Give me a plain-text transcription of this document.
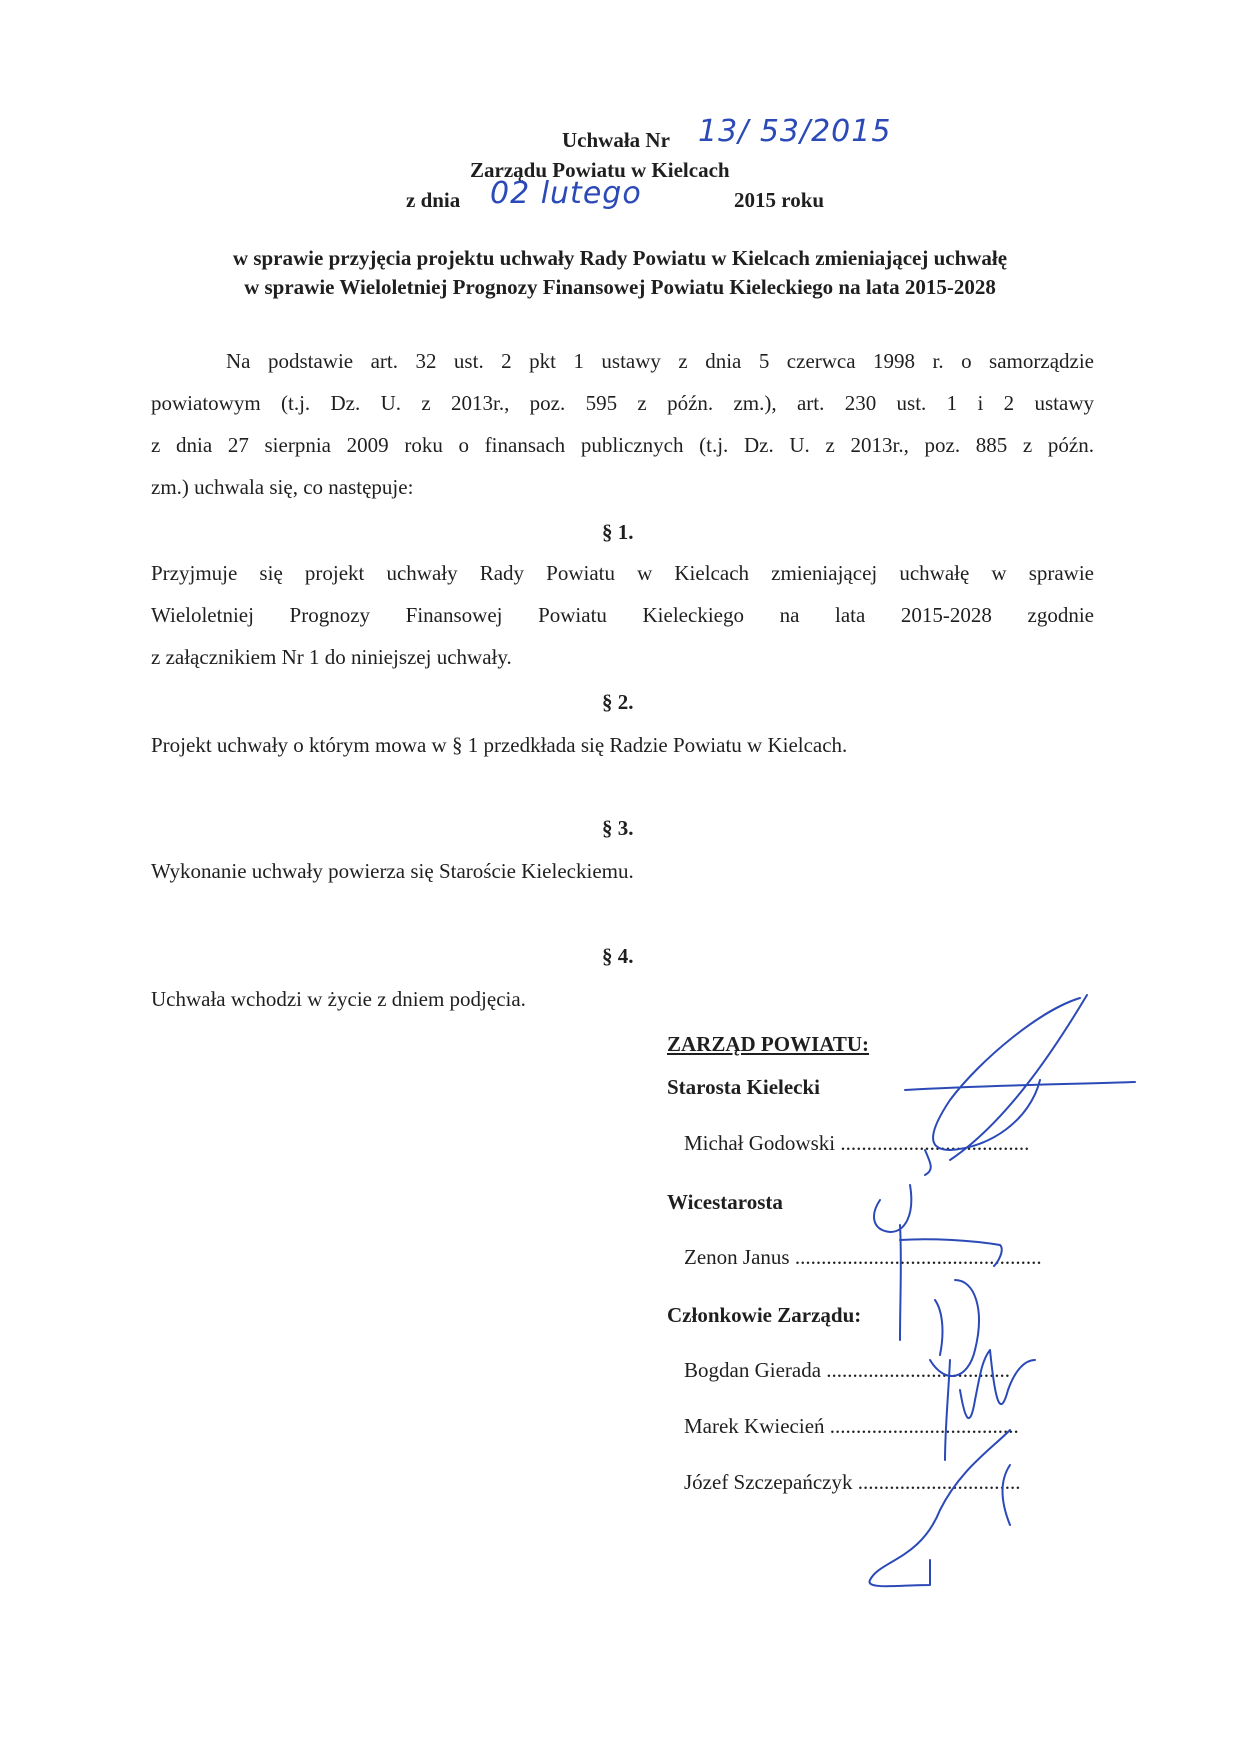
Uchwała Nr 13/ 53/2015
Zarządu Powiatu w Kielcach
z dnia 02 lutego	2015 roku
w sprawie przyjęcia projektu uchwały Rady Powiatu w Kielcach zmieniającej uchwałę
w sprawie Wieloletniej Prognozy Finansowej Powiatu Kieleckiego na lata 2015-2028
Na podstawie art. 32 ust. 2 pkt 1 ustawy z dnia 5 czerwca 1998 r. o samorządzie
powiatowym (t.j. Dz. U. z 2013r., poz. 595 z późn. zm.), art. 230 ust. 1 i 2 ustawy
z dnia 27 sierpnia 2009 roku o finansach publicznych (t.j. Dz. U. z 2013r., poz. 885 z późn.
zm.) uchwala się, co następuje:
§ 1.
Przyjmuje się projekt uchwały Rady Powiatu w Kielcach zmieniającej uchwałę w sprawie
Wieloletniej Prognozy Finansowej Powiatu Kieleckiego na lata 2015-2028 zgodnie
z załącznikiem Nr 1 do niniejszej uchwały.
§ 2.
Projekt uchwały o którym mowa w § 1 przedkłada się Radzie Powiatu w Kielcach.
§ 3.
Wykonanie uchwały powierza się Staroście Kieleckiemu.
§ 4.
Uchwała wchodzi w życie z dniem podjęcia.
ZARZĄD POWIATU:
Starosta Kielecki
Michał Godowski ....................................
Wicestarosta
Zenon Janus ...............................................
Członkowie Zarządu:
Bogdan Gierada ...................................
Marek Kwiecień ....................................
Józef Szczepańczyk ...............................
